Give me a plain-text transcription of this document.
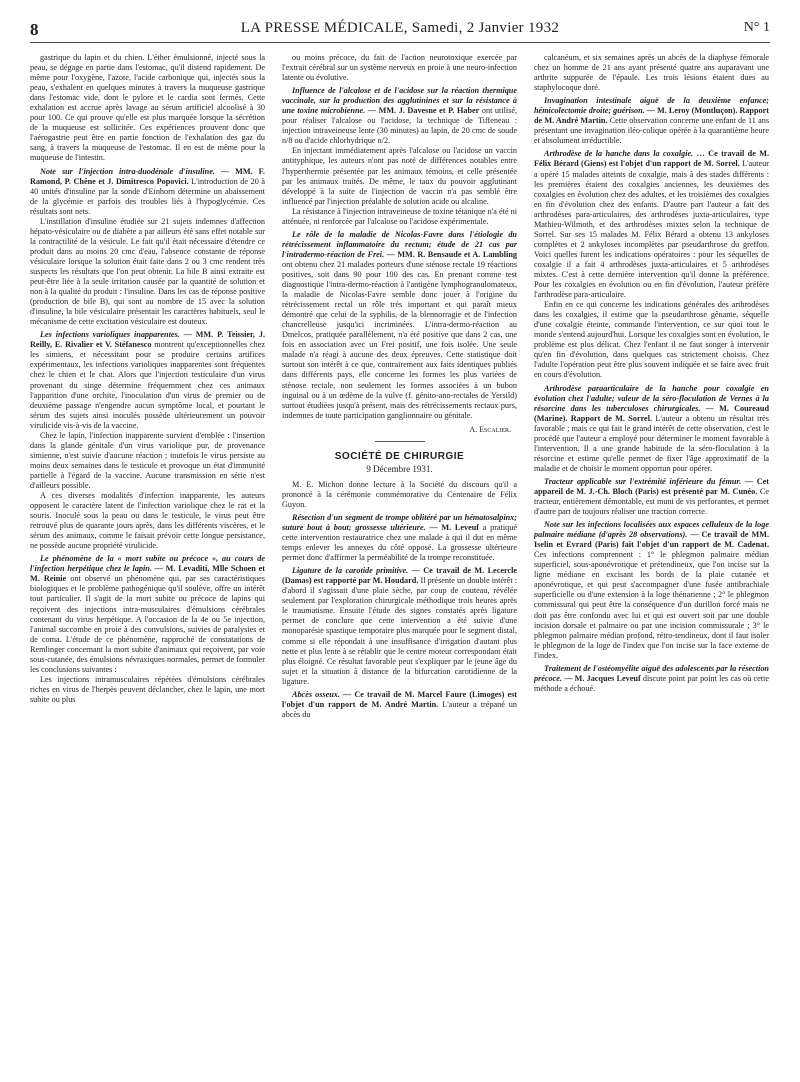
8	LA PRESSE MÉDICALE, Samedi, 2 Janvier 1932	N° 1

gastrique du lapin et du chien. L'éther émulsionné, injecté sous la peau, se dégage en partie dans l'estomac, qu'il distend rapidement. De même pour l'oxygène, l'azote, l'acide carbonique qui, injectés sous la peau, s'exhalent en quelques minutes à travers la muqueuse gastrique dans l'estomac vide, dont le pylore et le cardia sont fermés. Cette exhalation est accrue après lavage au sérum artificiel alcoolisé à 30 pour 100. Ce qui prouve qu'elle est plus marquée lorsque la sécrétion de la muqueuse est sollicitée. Ces expériences prouvent donc que l'aérogastrie peut être en partie fonction de l'exhalation des gaz du sang, à travers la muqueuse de l'estomac. Il en est de même pour la muqueuse de l'intestin.

Note sur l'injection intra-duodénale d'insuline. — MM. F. Ramond, P. Chêne et J. Dimitresco Popovici. L'introduction de 20 à 40 unités d'insuline par la sonde d'Einhorn détermine un abaissement de la glycémie et parfois des troubles liés à l'hypoglycémie. Ces résultats sont nets.

L'instillation d'insuline étudiée sur 21 sujets indemnes d'affection hépato-vésiculaire ou de diabète a par ailleurs été sans effet notable sur la contractilité de la vésicule. Le fait qu'il était nécessaire d'étendre ce produit dans au moins 20 cmc d'eau, l'absence constante de réponse vésiculaire lorsque la solution était faite dans 2 ou 3 cmc rendent très suspects les résultats que l'on peut obtenir. La bile B ainsi extraite est peut-être liée à la seule irritation causée par la quantité de solution et non à la qualité du produit : l'insuline. Dans les cas de réponse positive (production de bile B), qui sont au nombre de 15 avec la solution d'insuline, la bile vésiculaire présentait les caractères habituels, seul le mécanisme de cette excitation vésiculaire est douteux.

Les infections varioliques inapparentes. — MM. P. Teissier, J. Reilly, E. Rivalier et V. Stéfanesco montrent qu'exceptionnelles chez les simiens, et nécessitant pour se produire certains artifices expérimentaux, les infections varioliques inapparentes sont fréquentes chez le chien et le chat. Alors que l'injection testiculaire d'un virus provenant du singe détermine fréquemment chez ces animaux l'apparition d'une orchite, l'inoculation d'un virus de premier ou de deuxième passage n'engendre aucun symptôme local, et pourtant le sérum des sujets ainsi inoculés possède ultérieurement un pouvoir virulicide vis-à-vis de la vaccine.

Chez le lapin, l'infection inapparente survient d'emblée : l'insertion dans la glande génitale d'un virus variolique pur, de provenance simienne, n'est suivie d'aucune réaction ; toutefois le virus persiste au moins deux semaines dans le testicule et provoque un état d'immunité partielle à l'égard de la vaccine. Aucune transmission en série n'est d'ailleurs possible.

A ces diverses modalités d'infection inapparente, les auteurs opposent le caractère latent de l'infection variolique chez le rat et la souris. Inoculé sous la peau ou dans le testicule, le virus peut être retrouvé plus de quarante jours après, dans les différents viscères, et le sérum des animaux, comme le faisait prévoir cette longue persistance, ne possède aucune propriété virulicide.

Le phénomène de la « mort subite ou précoce », au cours de l'infection herpétique chez le lapin. — M. Levaditi, Mlle Schoen et M. Reinie ont observé un phénomène qui, par ses caractéristiques biologiques et le problème pathogénique qu'il soulève, offre un intérêt tout particulier. Il s'agit de la mort subite ou précoce de lapins qui reçoivent des injections intra-musculaires d'émulsions cérébrales contenant du virus herpétique. A l'occasion de la 4e ou 5e injection, l'animal succombe en proie à des convulsions, suivies de paralysies et de coma. L'étude de ce phénomène, rapproché de constatations de Remlinger concernant la mort subite d'animaux qui reçoivent, par voie sous-cutanée, des émulsions névraxiques normales, permet de formuler les conclusions suivantes :

Les injections intramusculaires répétées d'émulsions cérébrales riches en virus de l'herpès peuvent déclancher, chez le lapin, une mort subite ou plus

ou moins précoce, du fait de l'action neurotoxique exercée par l'extrait cérébral sur un système nerveux en proie à une neuro-infection latente ou évolutive.

Influence de l'alcalose et de l'acidose sur la réaction thermique vaccinale, sur la production des agglutinines et sur la résistance à une toxine microbienne. — MM. J. Davesne et P. Haber ont utilisé, pour réaliser l'alcalose ou l'acidose, la technique de Tiffeneau : injection intraveineuse lente (30 minutes) au lapin, de 20 cmc de soude n/8 ou d'acide chlorhydrique n/2.

En injectant immédiatement après l'alcalose ou l'acidose un vaccin antityphique, les auteurs n'ont pas noté de différences notables entre l'hyperthermie présentée par les animaux témoins, et celle présentée par les animaux traités. De même, le taux du pouvoir agglutinant développé à la suite de l'injection de vaccin n'a pas semblé être influencé par l'injection préalable de solution acide ou alcaline.

La résistance à l'injection intraveineuse de toxine tétanique n'a été ni atténuée, ni renforcée par l'alcalose ou l'acidose expérimentale.

Le rôle de la maladie de Nicolas-Favre dans l'étiologie du rétrécissement inflammatoire du rectum; étude de 21 cas par l'intradermo-réaction de Frei. — MM. R. Bensaude et A. Lambling ont obtenu chez 21 malades porteurs d'une sténose rectale 19 réactions positives, soit dans 90 pour 100 des cas. En prenant comme test diagnostique l'intra-dermo-réaction à l'antigène lymphogranulomateux, la maladie de Nicolas-Favre semble donc jouer à l'origine du rétrécissement rectal un rôle très important et qui paraît mieux démontré que celui de la syphilis, de la blennorragie et de l'infection chancrelleuse jusqu'ici incriminées. L'intra-dermo-réaction au Dmelcos, pratiquée parallèlement, n'a été positive que dans 2 cas, une fois en association avec un Frei positif, une fois isolée. Une seule malade n'a réagi à aucune des deux épreuves. Cette statistique doit surtout son intérêt à ce que, contrairement aux faits identiques publiés dans différents pays, elle concerne les formes les plus variées de sténose rectale, non seulement les formes associées à un bubon inguinal ou à un œdème de la vulve (f. génito-ano-rectales de Yersild) surtout étudiées jusqu'à présent, mais des rétrécissements rectaux purs, indemnes de toute participation ganglionnaire ou génitale.

A. Escalier.
SOCIÉTÉ DE CHIRURGIE
9 Décembre 1931.

M. E. Michon donne lecture à la Société du discours qu'il a prononcé à la cérémonie commémorative du Centenaire de Félix Guyon.

Résection d'un segment de trompe oblitéré par un hématosalpinx; suture bout à bout; grossesse ultérieure. — M. Leveuf a pratiqué cette intervention restauratrice chez une malade à qui il dut en même temps enlever les annexes du côté opposé. La grossesse ultérieure permet donc d'affirmer la perméabilité de la trompe reconstituée.

Ligature de la carotide primitive. — Ce travail de M. Lecercle (Damas) est rapporté par M. Houdard. Il présente un double intérêt : d'abord il s'agissait d'une plaie sèche, par coup de couteau, révélée seulement par l'exploration chirurgicale méthodique trois heures après le traumatisme. Ensuite l'étude des signes constatés après ligature permet de conclure que cette intervention a été suivie d'une monoparésie spastique temporaire plus marquée pour le segment distal, comme si elle répondait à une insuffisance d'irrigation d'autant plus nette et plus lente à se rétablir que le centre moteur correspondant était plus éloigné. Ce résultat favorable peut s'expliquer par le jeune âge du sujet et la situation à distance de la bifurcation carotidienne de la ligature.

Abcès osseux. — Ce travail de M. Marcel Faure (Limoges) est l'objet d'un rapport de M. André Martin. L'auteur a trépané un abcès du

calcanéum, et six semaines après un abcès de la diaphyse fémorale chez un homme de 21 ans ayant présenté quatre ans auparavant une arthrite suppurée de l'épaule. Les trois lésions étaient dues au staphylocoque doré.

Invagination intestinale aiguë de la deuxième enfance; hémicolectomie droite; guérison. — M. Leroy (Montluçon). Rapport de M. André Martin. Cette observation concerne une enfant de 11 ans présentant une invagination iléo-colique opérée à la quarantième heure et absolument irréductible.

Arthrodèse de la hanche dans la coxalgie. … Ce travail de M. Félix Bérard (Giens) est l'objet d'un rapport de M. Sorrel. L'auteur a opéré 15 malades atteints de coxalgie, mais à des stades différents : les premières étaient des coxalgies anciennes, les deuxièmes des coxalgies en évolution chez des adultes, et les troisièmes des coxalgies en fin d'évolution chez des enfants. D'autre part l'auteur a fait des arthrodèses para-articulaires, des arthrodèses juxta-articulaires, type Mathieu-Wilmoth, et des arthrodèses mixtes selon la technique de Sorrel. Sur ses 15 malades M. Félix Bérard a obtenu 13 ankyloses complètes et 2 ankyloses incomplètes par pseudarthrose du greffon. Voici quelles furent les indications opératoires : pour les séquelles de coxalgie il a fait 4 arthrodèses juxta-articulaires et 5 arthrodèses mixtes. C'est à cette dernière intervention qu'il donne la préférence. Pour les coxalgies en évolution ou en fin d'évolution, l'auteur préfère l'arthrodèse para-articulaire.

Enfin en ce qui concerne les indications générales des arthrodèses dans les coxalgies, il estime que la pseudarthrose gênante, séquelle d'une coxalgie éteinte, commande l'intervention, ce sur quoi tout le monde s'entend aujourd'hui. Lorsque les coxalgies sont en évolution, le problème est plus délicat. Chez l'enfant il ne faut songer à intervenir qu'en fin d'évolution, dans quelques cas strictement choisis. Chez l'adulte l'opération peut être plus souvent indiquée et se faire avec fruit en cours d'évolution.

Arthrodèse paraarticulaire de la hanche pour coxalgie en évolution chez l'adulte; valeur de la séro-floculation de Vernes à la résorcine dans les tuberculoses chirurgicales. — M. Coureaud (Marine). Rapport de M. Sorrel. L'auteur a obtenu un résultat très favorable ; mais ce qui fait le grand intérêt de cette observation, c'est le procédé que l'auteur a employé pour déterminer le moment favorable à l'intervention. Il a une grande habitude de la séro-floculation à la résorcine et estime qu'elle permet de fixer l'âge approximatif de la maladie et de choisir le moment opportun pour opérer.

Tracteur applicable sur l'extrémité inférieure du fémur. — Cet appareil de M. J.-Ch. Bloch (Paris) est présenté par M. Cunéo. Ce tracteur, entièrement démontable, est muni de vis perforantes, et permet d'autre part de toujours réaliser une traction correcte.

Note sur les infections localisées aux espaces celluleux de la loge palmaire médiane (d'après 28 observations). — Ce travail de MM. Iselin et Evrard (Paris) fait l'objet d'un rapport de M. Cadenat. Ces infections comprennent : 1° le phlegmon palmaire médian superficiel, sous-aponévrotique et prétendineux, que l'on incise sur la ligne médiane en excisant les bords de la plaie cutanée et aponévrotique, et qui peut s'accompagner d'une fusée antibrachiale superficielle ou d'une extension à la loge thénarienne ; 2° le phlegmon commissural qui peut être la conséquence d'un durillon forcé mais ne doit pas être confondu avec lui et qui est ouvert soit par une double incision dorsale et palmaire ou par une incision commissurale ; 3° le phlegmon palmaire médian profond, rétro-tendineux, dont il faut isoler le phlegmon de la loge de l'index que l'on incise sur la face externe de l'index.

Traitement de l'ostéomyélite aiguë des adolescents par la résection précoce. — M. Jacques Leveuf discute point par point les cas où cette méthode a échoué.
